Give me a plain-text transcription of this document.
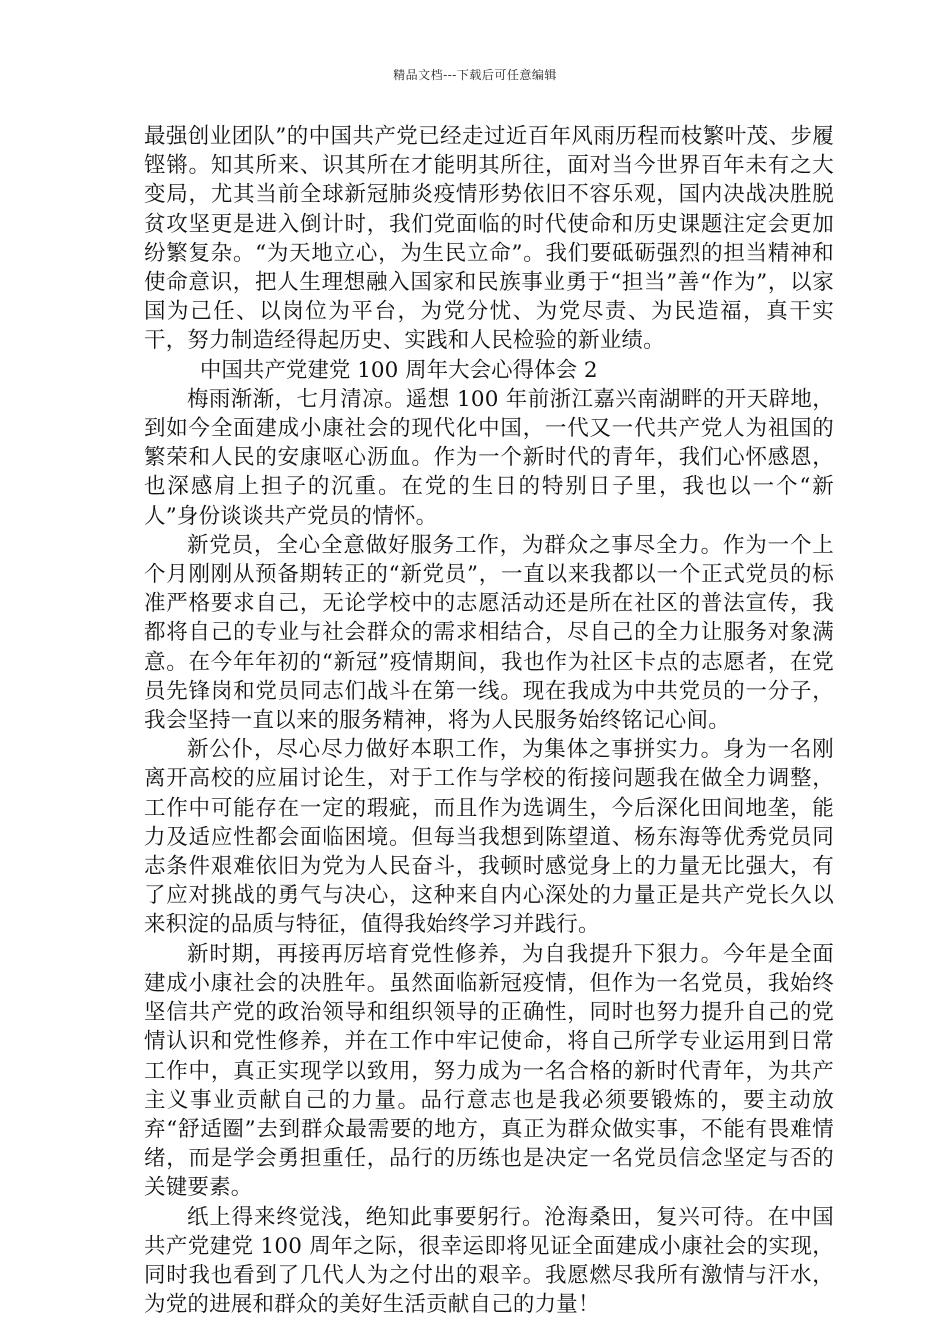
精品文档---下载后可任意编辑

最强创业团队”的中国共产党已经走过近百年风雨历程而枝繁叶茂、步履铿锵。知其所来、识其所在才能明其所往，面对当今世界百年未有之大变局，尤其当前全球新冠肺炎疫情形势依旧不容乐观，国内决战决胜脱贫攻坚更是进入倒计时，我们党面临的时代使命和历史课题注定会更加纷繁复杂。“为天地立心，为生民立命”。我们要砥砺强烈的担当精神和使命意识，把人生理想融入国家和民族事业勇于“担当”善“作为”，以家国为己任、以岗位为平台，为党分忧、为党尽责、为民造福，真干实干，努力制造经得起历史、实践和人民检验的新业绩。

中国共产党建党 100 周年大会心得体会 2

梅雨渐渐，七月清凉。遥想 100 年前浙江嘉兴南湖畔的开天辟地，到如今全面建成小康社会的现代化中国，一代又一代共产党人为祖国的繁荣和人民的安康呕心沥血。作为一个新时代的青年，我们心怀感恩，也深感肩上担子的沉重。在党的生日的特别日子里，我也以一个“新人”身份谈谈共产党员的情怀。

新党员，全心全意做好服务工作，为群众之事尽全力。作为一个上个月刚刚从预备期转正的“新党员”，一直以来我都以一个正式党员的标准严格要求自己，无论学校中的志愿活动还是所在社区的普法宣传，我都将自己的专业与社会群众的需求相结合，尽自己的全力让服务对象满意。在今年年初的“新冠”疫情期间，我也作为社区卡点的志愿者，在党员先锋岗和党员同志们战斗在第一线。现在我成为中共党员的一分子，我会坚持一直以来的服务精神，将为人民服务始终铭记心间。

新公仆，尽心尽力做好本职工作，为集体之事拼实力。身为一名刚离开高校的应届讨论生，对于工作与学校的衔接问题我在做全力调整，工作中可能存在一定的瑕疵，而且作为选调生，今后深化田间地垄，能力及适应性都会面临困境。但每当我想到陈望道、杨东海等优秀党员同志条件艰难依旧为党为人民奋斗，我顿时感觉身上的力量无比强大，有了应对挑战的勇气与决心，这种来自内心深处的力量正是共产党长久以来积淀的品质与特征，值得我始终学习并践行。

新时期，再接再厉培育党性修养，为自我提升下狠力。今年是全面建成小康社会的决胜年。虽然面临新冠疫情，但作为一名党员，我始终坚信共产党的政治领导和组织领导的正确性，同时也努力提升自己的党情认识和党性修养，并在工作中牢记使命，将自己所学专业运用到日常工作中，真正实现学以致用，努力成为一名合格的新时代青年，为共产主义事业贡献自己的力量。品行意志也是我必须要锻炼的，要主动放弃“舒适圈”去到群众最需要的地方，真正为群众做实事，不能有畏难情绪，而是学会勇担重任，品行的历练也是决定一名党员信念坚定与否的关键要素。

纸上得来终觉浅，绝知此事要躬行。沧海桑田，复兴可待。在中国共产党建党 100 周年之际，很幸运即将见证全面建成小康社会的实现，同时我也看到了几代人为之付出的艰辛。我愿燃尽我所有激情与汗水，为党的进展和群众的美好生活贡献自己的力量！
